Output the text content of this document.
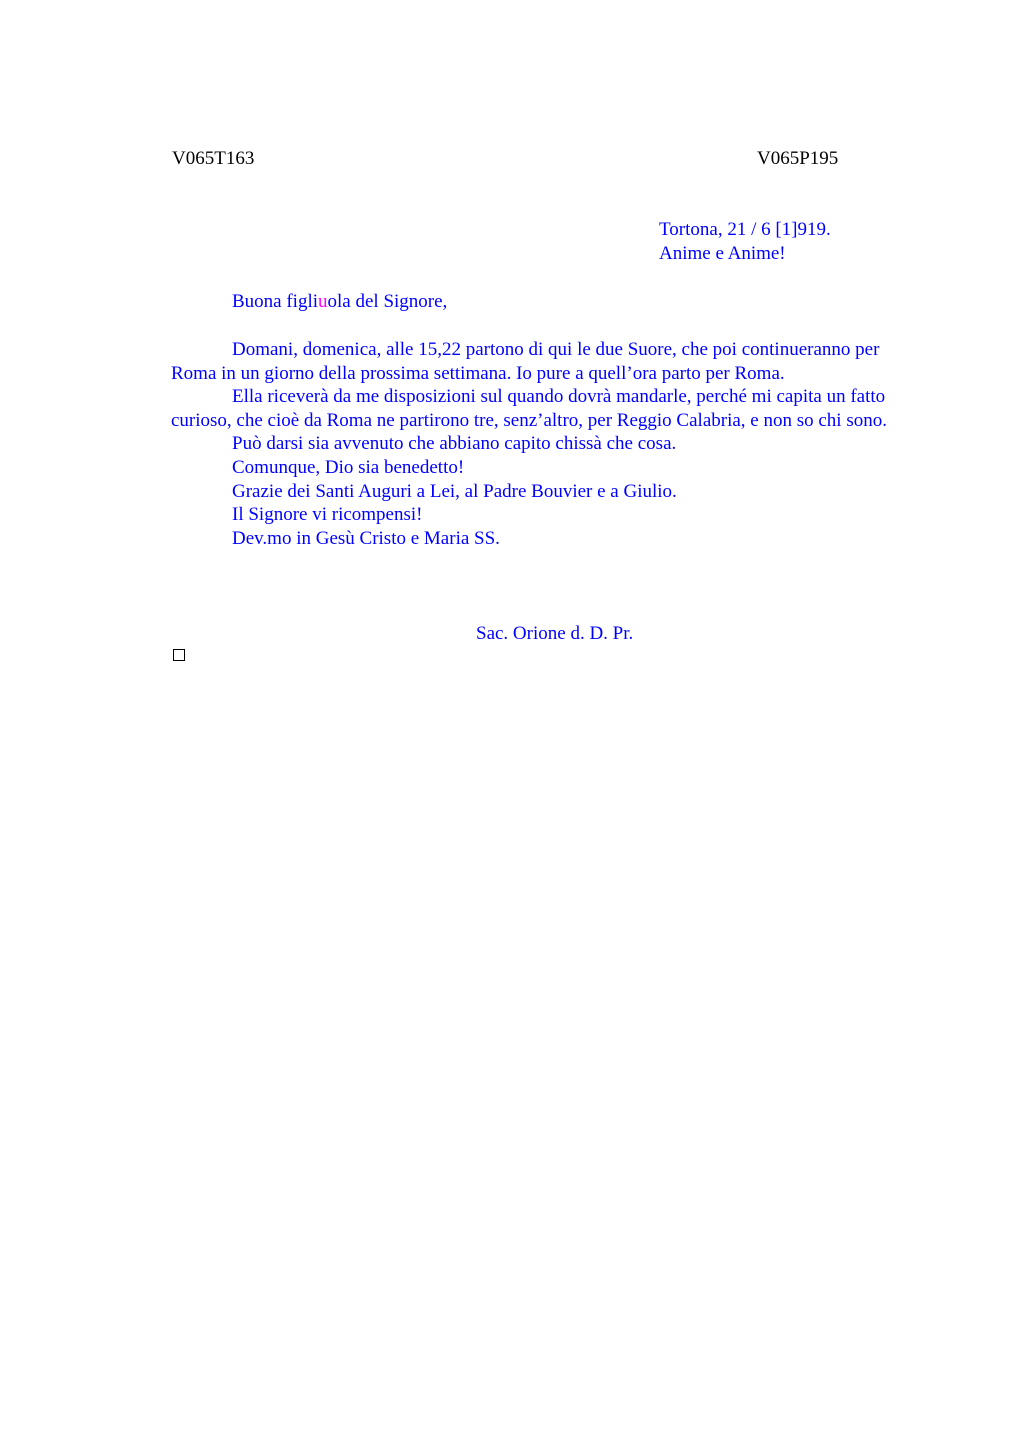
V065T163	V065P195
Tortona, 21 / 6 [1]919.
Anime e Anime!
Buona figliuola del Signore,

Domani, domenica, alle 15,22 partono di qui le due Suore, che poi continueranno per Roma in un giorno della prossima settimana. Io pure a quell’ora parto per Roma.

Ella riceverà da me disposizioni sul quando dovrà mandarle, perché mi capita un fatto curioso, che cioè da Roma ne partirono tre, senz’altro, per Reggio Calabria, e non so chi sono.

Può darsi sia avvenuto che abbiano capito chissà che cosa.

Comunque, Dio sia benedetto!

Grazie dei Santi Auguri a Lei, al Padre Bouvier e a Giulio.

Il Signore vi ricompensi!

Dev.mo in Gesù Cristo e Maria SS.

Sac. Orione d. D. Pr.
